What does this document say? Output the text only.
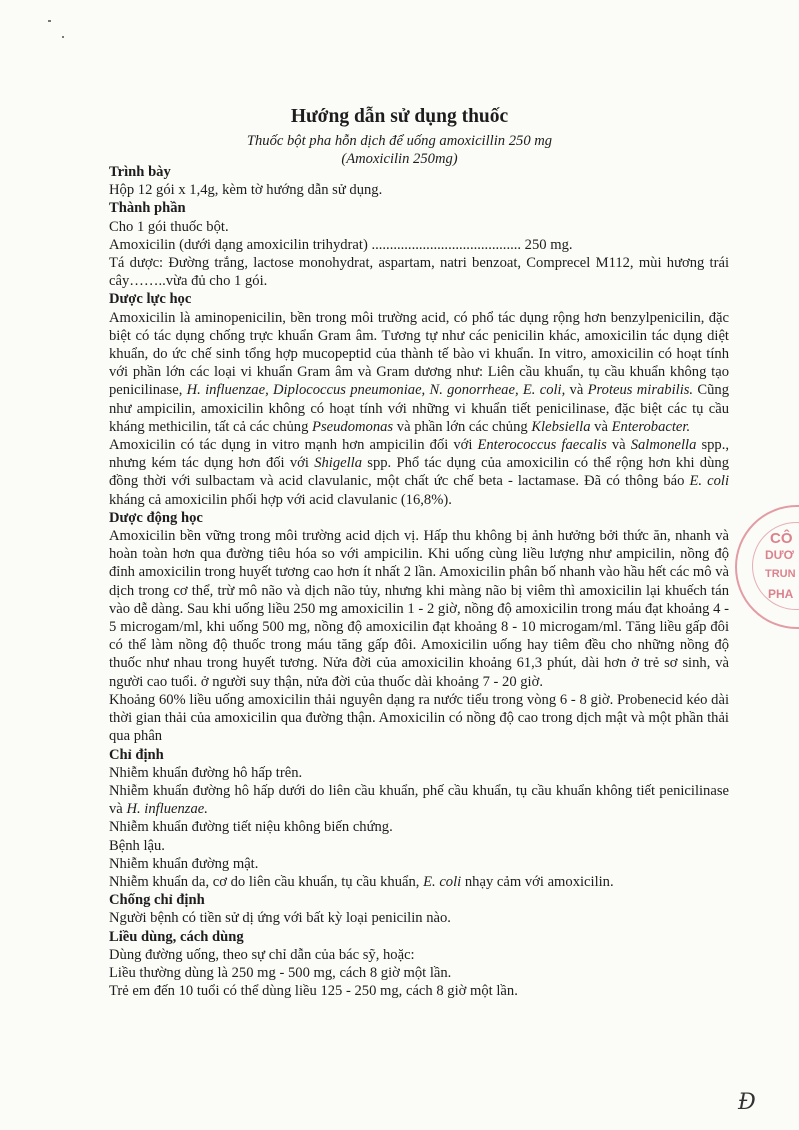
Hướng dẫn sử dụng thuốc
Thuốc bột pha hỗn dịch để uống amoxicillin 250 mg
(Amoxicilin 250mg)

Trình bày

Hộp 12 gói x 1,4g, kèm tờ hướng dẫn sử dụng.

Thành phần

Cho 1 gói thuốc bột.

Amoxicilin (dưới dạng amoxicilin trihydrat) ......................................... 250 mg.

Tá dược: Đường trắng, lactose monohydrat, aspartam, natri benzoat, Comprecel M112, mùi hương trái cây……..vừa đủ cho 1 gói.

Dược lực học

Amoxicilin là aminopenicilin, bền trong môi trường acid, có phổ tác dụng rộng hơn benzylpenicilin, đặc biệt có tác dụng chống trực khuẩn Gram âm. Tương tự như các penicilin khác, amoxicilin tác dụng diệt khuẩn, do ức chế sinh tổng hợp mucopeptid của thành tế bào vi khuẩn. In vitro, amoxicilin có hoạt tính với phần lớn các loại vi khuẩn Gram âm và Gram dương như: Liên cầu khuẩn, tụ cầu khuẩn không tạo penicilinase, H. influenzae, Diplococcus pneumoniae, N. gonorrheae, E. coli, và Proteus mirabilis. Cũng như ampicilin, amoxicilin không có hoạt tính với những vi khuẩn tiết penicilinase, đặc biệt các tụ cầu kháng methicilin, tất cả các chủng Pseudomonas và phần lớn các chủng Klebsiella và Enterobacter.

Amoxicilin có tác dụng in vitro mạnh hơn ampicilin đối với Enterococcus faecalis và Salmonella spp., nhưng kém tác dụng hơn đối với Shigella spp. Phổ tác dụng của amoxicilin có thể rộng hơn khi dùng đồng thời với sulbactam và acid clavulanic, một chất ức chế beta - lactamase. Đã có thông báo E. coli kháng cả amoxicilin phối hợp với acid clavulanic (16,8%).

Dược động học

Amoxicilin bền vững trong môi trường acid dịch vị. Hấp thu không bị ảnh hưởng bởi thức ăn, nhanh và hoàn toàn hơn qua đường tiêu hóa so với ampicilin. Khi uống cùng liều lượng như ampicilin, nồng độ đỉnh amoxicilin trong huyết tương cao hơn ít nhất 2 lần. Amoxicilin phân bố nhanh vào hầu hết các mô và dịch trong cơ thể, trừ mô não và dịch não tủy, nhưng khi màng não bị viêm thì amoxicilin lại khuếch tán vào dễ dàng. Sau khi uống liều 250 mg amoxicilin 1 - 2 giờ, nồng độ amoxicilin trong máu đạt khoảng 4 - 5 microgam/ml, khi uống 500 mg, nồng độ amoxicilin đạt khoảng 8 - 10 microgam/ml. Tăng liều gấp đôi có thể làm nồng độ thuốc trong máu tăng gấp đôi. Amoxicilin uống hay tiêm đều cho những nồng độ thuốc như nhau trong huyết tương. Nửa đời của amoxicilin khoảng 61,3 phút, dài hơn ở trẻ sơ sinh, và người cao tuổi. ở người suy thận, nửa đời của thuốc dài khoảng 7 - 20 giờ.

Khoảng 60% liều uống amoxicilin thải nguyên dạng ra nước tiểu trong vòng 6 - 8 giờ. Probenecid kéo dài thời gian thải của amoxicilin qua đường thận. Amoxicilin có nồng độ cao trong dịch mật và một phần thải qua phân

Chỉ định

Nhiễm khuẩn đường hô hấp trên.

Nhiễm khuẩn đường hô hấp dưới do liên cầu khuẩn, phế cầu khuẩn, tụ cầu khuẩn không tiết penicilinase và H. influenzae.

Nhiễm khuẩn đường tiết niệu không biến chứng.

Bệnh lậu.

Nhiễm khuẩn đường mật.

Nhiễm khuẩn da, cơ do liên cầu khuẩn, tụ cầu khuẩn, E. coli nhạy cảm với amoxicilin.

Chống chỉ định

Người bệnh có tiền sử dị ứng với bất kỳ loại penicilin nào.

Liều dùng, cách dùng

Dùng đường uống, theo sự chỉ dẫn của bác sỹ, hoặc:

Liều thường dùng là 250 mg - 500 mg, cách 8 giờ một lần.

Trẻ em đến 10 tuổi có thể dùng liều 125 - 250 mg, cách 8 giờ một lần.

CÔ
DƯƠ
TRUN
PHA
Đ
